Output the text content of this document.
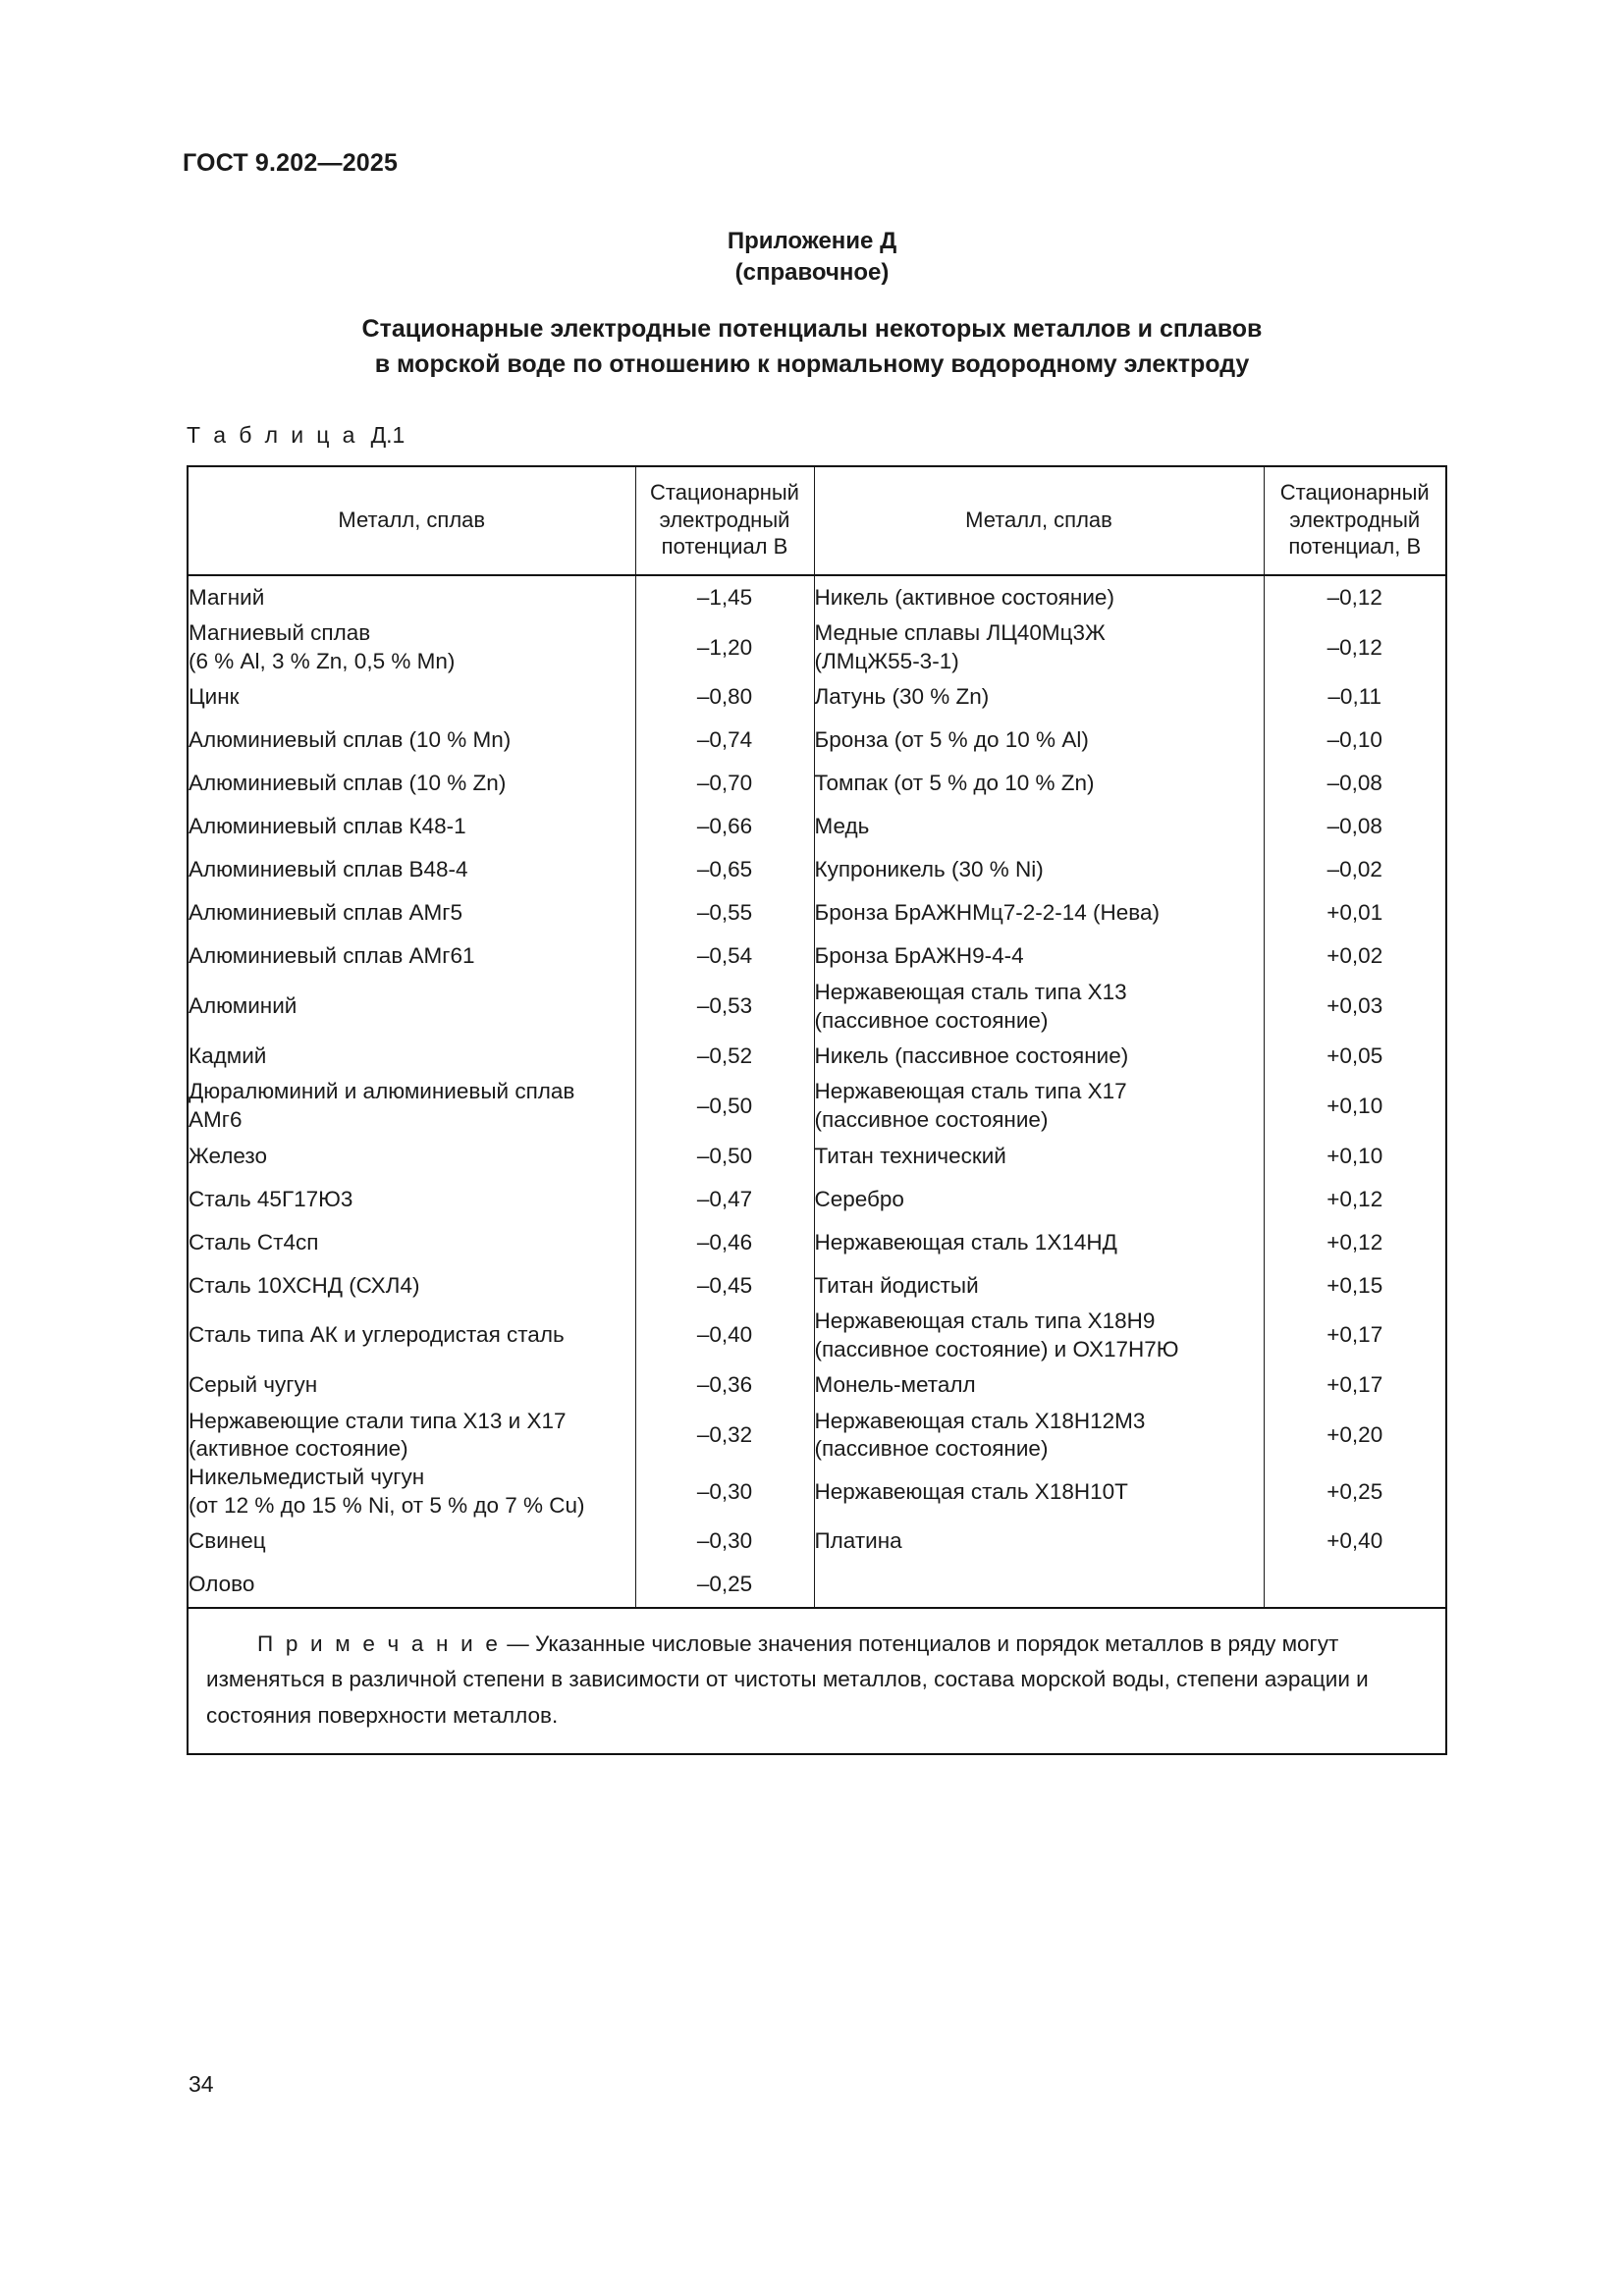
ГОСТ 9.202—2025
Приложение Д
(справочное)
Стационарные электродные потенциалы некоторых металлов и сплавов
в морской воде по отношению к нормальному водородному электроду
Т а б л и ц а Д.1
Металл, сплав	Стационарный
электродный
потенциал В	Металл, сплав	Стационарный
электродный
потенциал, В
Магний	–1,45	Никель (активное состояние)	–0,12
Магниевый сплав
(6 % Al, 3 % Zn, 0,5 % Mn)	–1,20	Медные сплавы ЛЦ40Мц3Ж
(ЛМцЖ55-3-1)	–0,12
Цинк	–0,80	Латунь (30 % Zn)	–0,11
Алюминиевый сплав (10 % Mn)	–0,74	Бронза (от 5 % до 10 % Al)	–0,10
Алюминиевый сплав (10 % Zn)	–0,70	Томпак (от 5 % до 10 % Zn)	–0,08
Алюминиевый сплав К48-1	–0,66	Медь	–0,08
Алюминиевый сплав В48-4	–0,65	Купроникель (30 % Ni)	–0,02
Алюминиевый сплав АМг5	–0,55	Бронза БрАЖНМц7-2-2-14 (Нева)	+0,01
Алюминиевый сплав АМг61	–0,54	Бронза БрАЖН9-4-4	+0,02
Алюминий	–0,53	Нержавеющая сталь типа Х13
(пассивное состояние)	+0,03
Кадмий	–0,52	Никель (пассивное состояние)	+0,05
Дюралюминий и алюминиевый сплав
АМг6	–0,50	Нержавеющая сталь типа Х17
(пассивное состояние)	+0,10
Железо	–0,50	Титан технический	+0,10
Сталь 45Г17Ю3	–0,47	Серебро	+0,12
Сталь Ст4сп	–0,46	Нержавеющая сталь 1Х14НД	+0,12
Сталь 10ХСНД (СХЛ4)	–0,45	Титан йодистый	+0,15
Сталь типа АК и углеродистая сталь	–0,40	Нержавеющая сталь типа Х18Н9
(пассивное состояние) и ОХ17Н7Ю	+0,17
Серый чугун	–0,36	Монель-металл	+0,17
Нержавеющие стали типа Х13 и Х17
(активное состояние)	–0,32	Нержавеющая сталь Х18Н12М3
(пассивное состояние)	+0,20
Никельмедистый чугун
(от 12 % до 15 % Ni, от 5 % до 7 % Cu)	–0,30	Нержавеющая сталь Х18Н10Т	+0,25
Свинец	–0,30	Платина	+0,40
Олово	–0,25		
П р и м е ч а н и е — Указанные числовые значения потенциалов и порядок металлов в ряду могут изменяться в различной степени в зависимости от чистоты металлов, состава морской воды, степени аэрации и состояния поверхности металлов.			
34
